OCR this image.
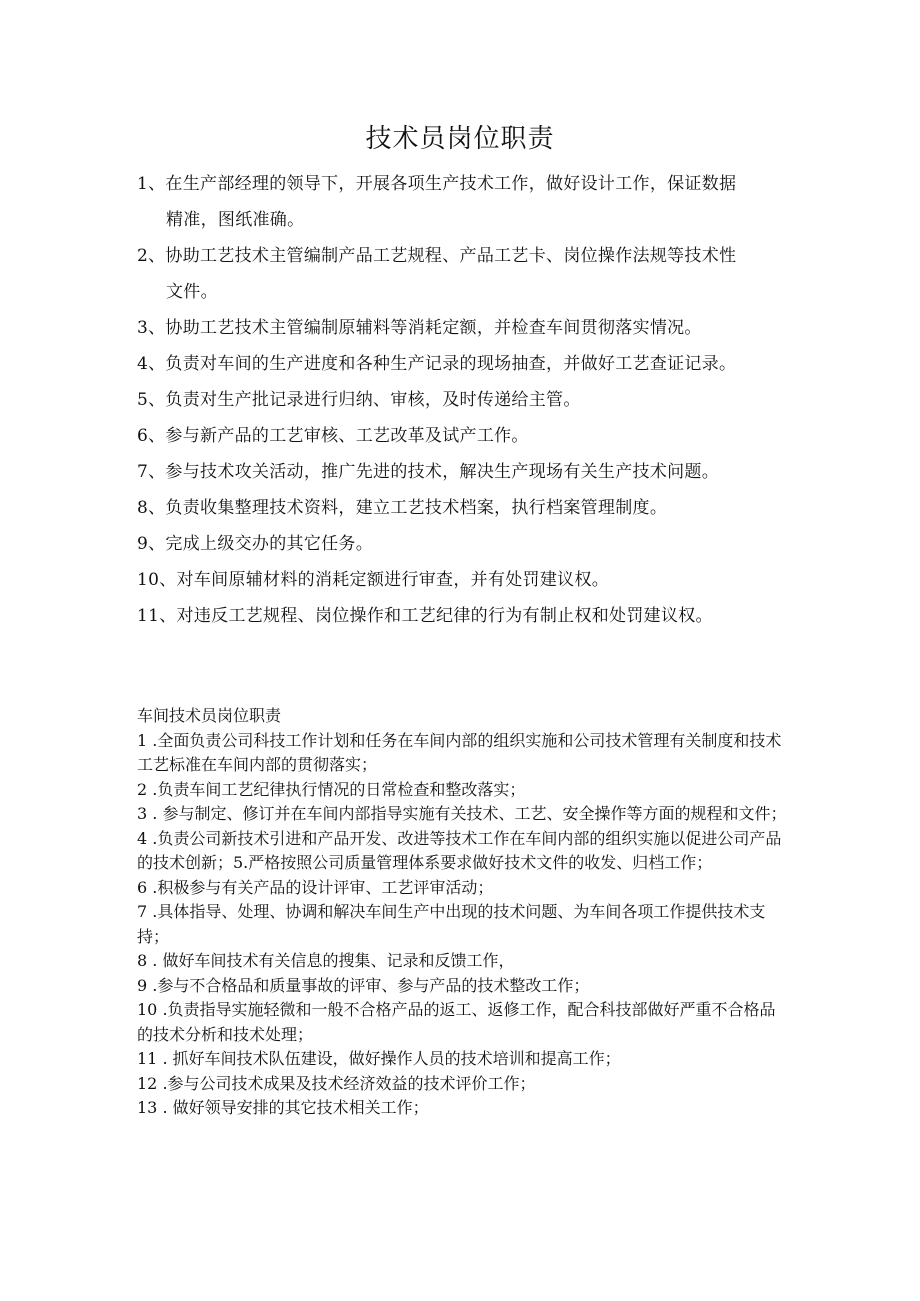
技术员岗位职责
1、在生产部经理的领导下，开展各项生产技术工作，做好设计工作，保证数据
精准，图纸准确。
2、协助工艺技术主管编制产品工艺规程、产品工艺卡、岗位操作法规等技术性
文件。
3、 协助工艺技术主管编制原辅料等消耗定额，并检查车间贯彻落实情况。
4、 负责对车间的生产进度和各种生产记录的现场抽查，并做好工艺查证记录。
5、 负责对生产批记录进行归纳、审核，及时传递给主管。
6、 参与新产品的工艺审核、工艺改革及试产工作。
7、 参与技术攻关活动，推广先进的技术，解决生产现场有关生产技术问题。
8、 负责收集整理技术资料，建立工艺技术档案，执行档案管理制度。
9、 完成上级交办的其它任务。
10、 对车间原辅材料的消耗定额进行审查，并有处罚建议权。
11、 对违反工艺规程、岗位操作和工艺纪律的行为有制止权和处罚建议权。
车间技术员岗位职责
1 .全面负责公司科技工作计划和任务在车间内部的组织实施和公司技术管理有关制度和技术工艺标准在车间内部的贯彻落实；
2 .负责车间工艺纪律执行情况的日常检查和整改落实；
3 . 参与制定、修订并在车间内部指导实施有关技术、工艺、安全操作等方面的规程和文件；
4 .负责公司新技术引进和产品开发、改进等技术工作在车间内部的组织实施以促进公司产品的技术创新；5.严格按照公司质量管理体系要求做好技术文件的收发、归档工作；
6 .积极参与有关产品的设计评审、工艺评审活动；
7 .具体指导、处理、协调和解决车间生产中出现的技术问题、为车间各项工作提供技术支持；
8 . 做好车间技术有关信息的搜集、记录和反馈工作，
9 .参与不合格品和质量事故的评审、参与产品的技术整改工作；
10 .负责指导实施轻微和一般不合格产品的返工、返修工作，配合科技部做好严重不合格品的技术分析和技术处理；
11 . 抓好车间技术队伍建设，做好操作人员的技术培训和提高工作；
12 .参与公司技术成果及技术经济效益的技术评价工作；
13 . 做好领导安排的其它技术相关工作；
